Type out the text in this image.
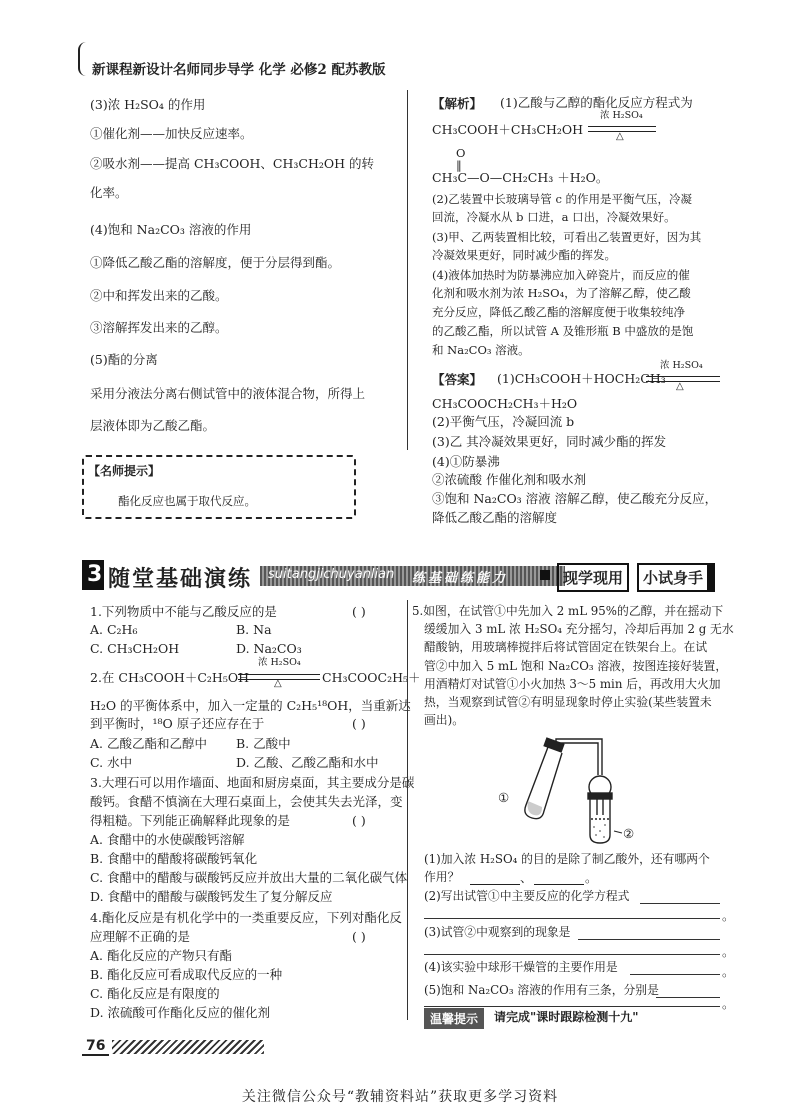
新课程新设计名师同步导学 化学 必修2 配苏教版
(3)浓 H₂SO₄ 的作用
①催化剂——加快反应速率。
②吸水剂——提高 CH₃COOH、CH₃CH₂OH 的转
化率。
(4)饱和 Na₂CO₃ 溶液的作用
①降低乙酸乙酯的溶解度，便于分层得到酯。
②中和挥发出来的乙酸。
③溶解挥发出来的乙醇。
(5)酯的分离
采用分液法分离右侧试管中的液体混合物，所得上
层液体即为乙酸乙酯。
【名师提示】
酯化反应也属于取代反应。
【解析】 (1)乙酸与乙醇的酯化反应方程式为
CH₃COOH＋CH₃CH₂OH
浓 H₂SO₄
△
O
‖
CH₃C—O—CH₂CH₃ ＋H₂O。
(2)乙装置中长玻璃导管 c 的作用是平衡气压，冷凝
回流，冷凝水从 b 口进，a 口出，冷凝效果好。
(3)甲、乙两装置相比较，可看出乙装置更好，因为其
冷凝效果更好，同时减少酯的挥发。
(4)液体加热时为防暴沸应加入碎瓷片，而反应的催
化剂和吸水剂为浓 H₂SO₄，为了溶解乙醇，使乙酸
充分反应，降低乙酸乙酯的溶解度便于收集较纯净
的乙酸乙酯，所以试管 A 及锥形瓶 B 中盛放的是饱
和 Na₂CO₃ 溶液。
【答案】 (1)CH₃COOH＋HOCH₂CH₃
浓 H₂SO₄
△
CH₃COOCH₂CH₃＋H₂O
(2)平衡气压，冷凝回流 b
(3)乙 其冷凝效果更好，同时减少酯的挥发
(4)①防暴沸
②浓硫酸 作催化剂和吸水剂
③饱和 Na₂CO₃ 溶液 溶解乙醇，使乙酸充分反应，
降低乙酸乙酯的溶解度
3 随堂基础演练 suitangjichuyanlian 练基础练能力	现学现用	小试身手
1.下列物质中不能与乙酸反应的是	( )
A. C₂H₆	B. Na
C. CH₃CH₂OH	D. Na₂CO₃
2.在 CH₃COOH＋C₂H₅OH
浓 H₂SO₄
△	CH₃COOC₂H₅＋
H₂O 的平衡体系中，加入一定量的 C₂H₅¹⁸OH，当重新达
到平衡时，¹⁸O 原子还应存在于	( )
A. 乙酸乙酯和乙醇中 B. 乙酸中
C. 水中	D. 乙酸、乙酸乙酯和水中
3.大理石可以用作墙面、地面和厨房桌面，其主要成分是碳
酸钙。食醋不慎滴在大理石桌面上，会使其失去光泽，变
得粗糙。下列能正确解释此现象的是	( )
A. 食醋中的水使碳酸钙溶解
B. 食醋中的醋酸将碳酸钙氧化
C. 食醋中的醋酸与碳酸钙反应并放出大量的二氧化碳气体
D. 食醋中的醋酸与碳酸钙发生了复分解反应
4.酯化反应是有机化学中的一类重要反应，下列对酯化反
应理解不正确的是	( )
A. 酯化反应的产物只有酯
B. 酯化反应可看成取代反应的一种
C. 酯化反应是有限度的
D. 浓硫酸可作酯化反应的催化剂
5.如图，在试管①中先加入 2 mL 95%的乙醇，并在摇动下
缓缓加入 3 mL 浓 H₂SO₄ 充分摇匀，冷却后再加 2 g 无水
醋酸钠，用玻璃棒搅拌后将试管固定在铁架台上。在试
管②中加入 5 mL 饱和 Na₂CO₃ 溶液，按图连接好装置，
用酒精灯对试管①小火加热 3～5 min 后，再改用大火加
热，当观察到试管②有明显现象时停止实验(某些装置未
画出)。
①
②
(1)加入浓 H₂SO₄ 的目的是除了制乙酸外，还有哪两个
作用？	、	。
(2)写出试管①中主要反应的化学方程式
。
(3)试管②中观察到的现象是
。
(4)该实验中球形干燥管的主要作用是	。
(5)饱和 Na₂CO₃ 溶液的作用有三条，分别是
。
温馨提示	请完成"课时跟踪检测十九"
76
关注微信公众号“教辅资料站”获取更多学习资料
